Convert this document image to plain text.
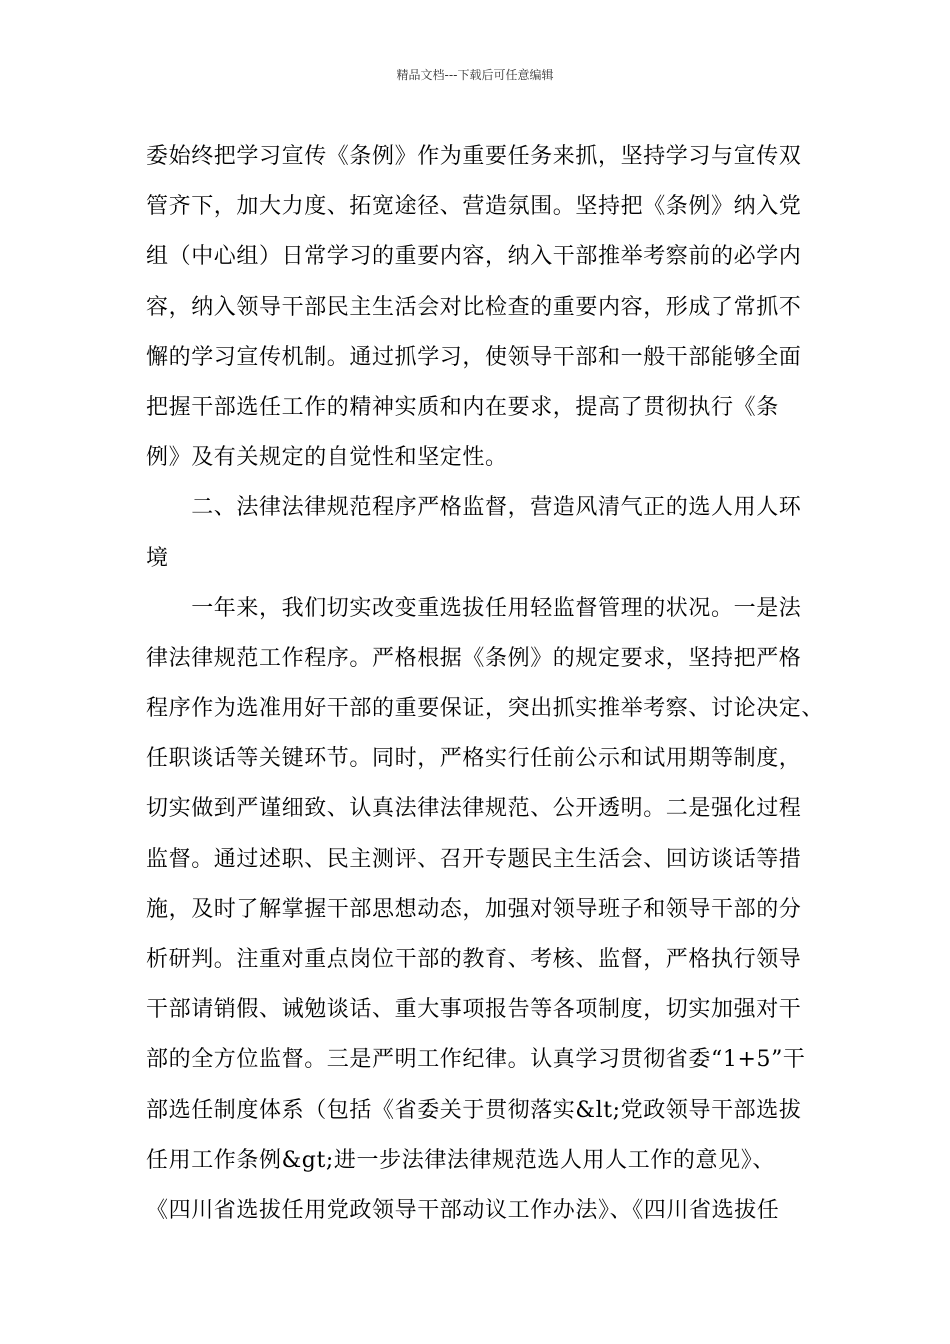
精品文档---下载后可任意编辑
委始终把学习宣传《条例》作为重要任务来抓，坚持学习与宣传双
管齐下，加大力度、拓宽途径、营造氛围。坚持把《条例》纳入党
组（中心组）日常学习的重要内容，纳入干部推举考察前的必学内
容，纳入领导干部民主生活会对比检查的重要内容，形成了常抓不
懈的学习宣传机制。通过抓学习，使领导干部和一般干部能够全面
把握干部选任工作的精神实质和内在要求，提高了贯彻执行《条
例》及有关规定的自觉性和坚定性。
　　二、法律法律规范程序严格监督，营造风清气正的选人用人环
境
　　一年来，我们切实改变重选拔任用轻监督管理的状况。一是法
律法律规范工作程序。严格根据《条例》的规定要求，坚持把严格
程序作为选准用好干部的重要保证，突出抓实推举考察、讨论决定、
任职谈话等关键环节。同时，严格实行任前公示和试用期等制度，
切实做到严谨细致、认真法律法律规范、公开透明。二是强化过程
监督。通过述职、民主测评、召开专题民主生活会、回访谈话等措
施，及时了解掌握干部思想动态，加强对领导班子和领导干部的分
析研判。注重对重点岗位干部的教育、考核、监督，严格执行领导
干部请销假、诫勉谈话、重大事项报告等各项制度，切实加强对干
部的全方位监督。三是严明工作纪律。认真学习贯彻省委“1+5”干
部选任制度体系（包括《省委关于贯彻落实&lt;党政领导干部选拔
任用工作条例&gt;进一步法律法律规范选人用人工作的意见》、
《四川省选拔任用党政领导干部动议工作办法》、《四川省选拔任
